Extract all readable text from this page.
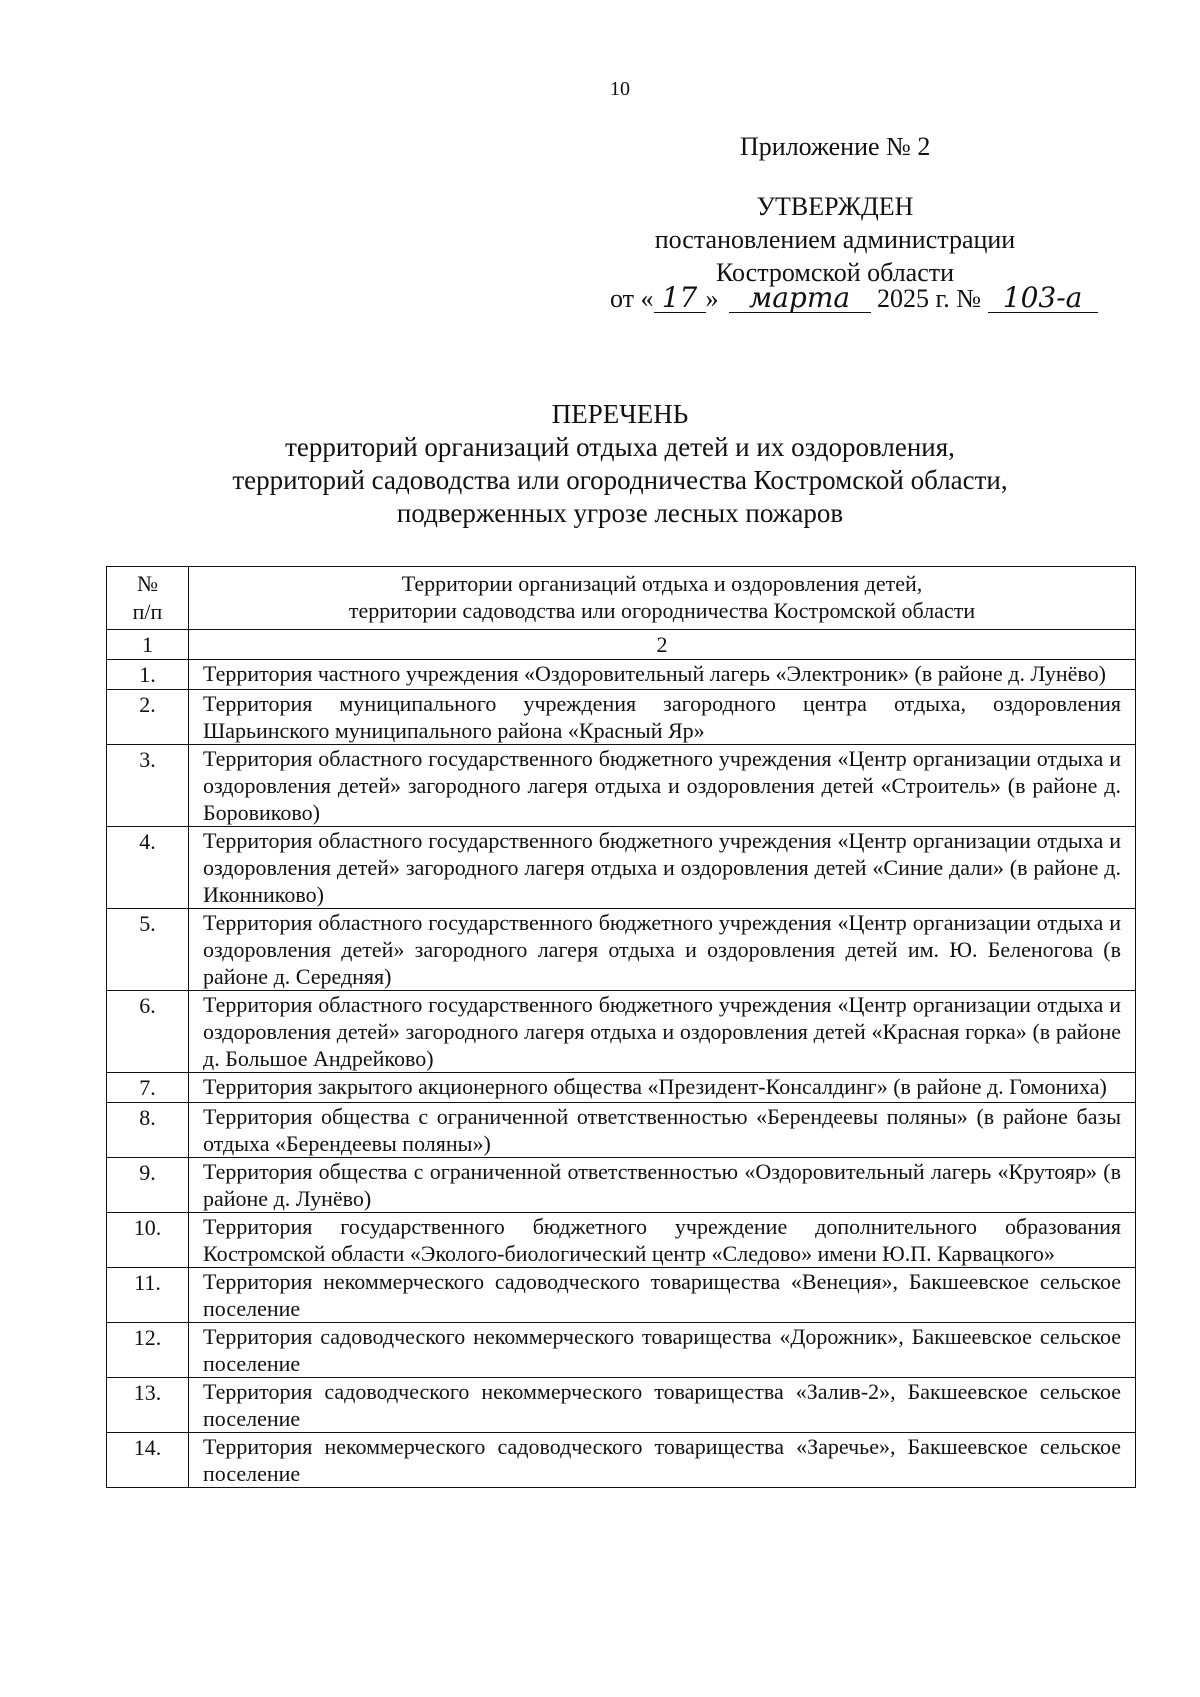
10
Приложение № 2
УТВЕРЖДЕН
постановлением администрации
Костромской области
от « 17 » марта 2025 г. № 103-а
ПЕРЕЧЕНЬ
территорий организаций отдыха детей и их оздоровления,
территорий садоводства или огородничества Костромской области,
подверженных угрозе лесных пожаров
№ п/п	Территории организаций отдыха и оздоровления детей,
территории садоводства или огородничества Костромской области

1	2
1.	Территория частного учреждения «Оздоровительный лагерь «Электроник» (в районе д. Лунёво)
2.	Территория муниципального учреждения загородного центра отдыха, оздоровления Шарьинского муниципального района «Красный Яр»
3.	Территория областного государственного бюджетного учреждения «Центр организации отдыха и оздоровления детей» загородного лагеря отдыха и оздоровления детей «Строитель» (в районе д. Боровиково)
4.	Территория областного государственного бюджетного учреждения «Центр организации отдыха и оздоровления детей» загородного лагеря отдыха и оздоровления детей «Синие дали» (в районе д. Иконниково)
5.	Территория областного государственного бюджетного учреждения «Центр организации отдыха и оздоровления детей» загородного лагеря отдыха и оздоровления детей им. Ю. Беленогова (в районе д. Середняя)
6.	Территория областного государственного бюджетного учреждения «Центр организации отдыха и оздоровления детей» загородного лагеря отдыха и оздоровления детей «Красная горка» (в районе д. Большое Андрейково)
7.	Территория закрытого акционерного общества «Президент-Консалдинг» (в районе д. Гомониха)
8.	Территория общества с ограниченной ответственностью «Берендеевы поляны» (в районе базы отдыха «Берендеевы поляны»)
9.	Территория общества с ограниченной ответственностью «Оздоровительный лагерь «Крутояр» (в районе д. Лунёво)
10.	Территория государственного бюджетного учреждение дополнительного образования Костромской области «Эколого-биологический центр «Следово» имени Ю.П. Карвацкого»
11.	Территория некоммерческого садоводческого товарищества «Венеция», Бакшеевское сельское поселение
12.	Территория садоводческого некоммерческого товарищества «Дорожник», Бакшеевское сельское поселение
13.	Территория садоводческого некоммерческого товарищества «Залив-2», Бакшеевское сельское поселение
14.	Территория некоммерческого садоводческого товарищества «Заречье», Бакшеевское сельское поселение
